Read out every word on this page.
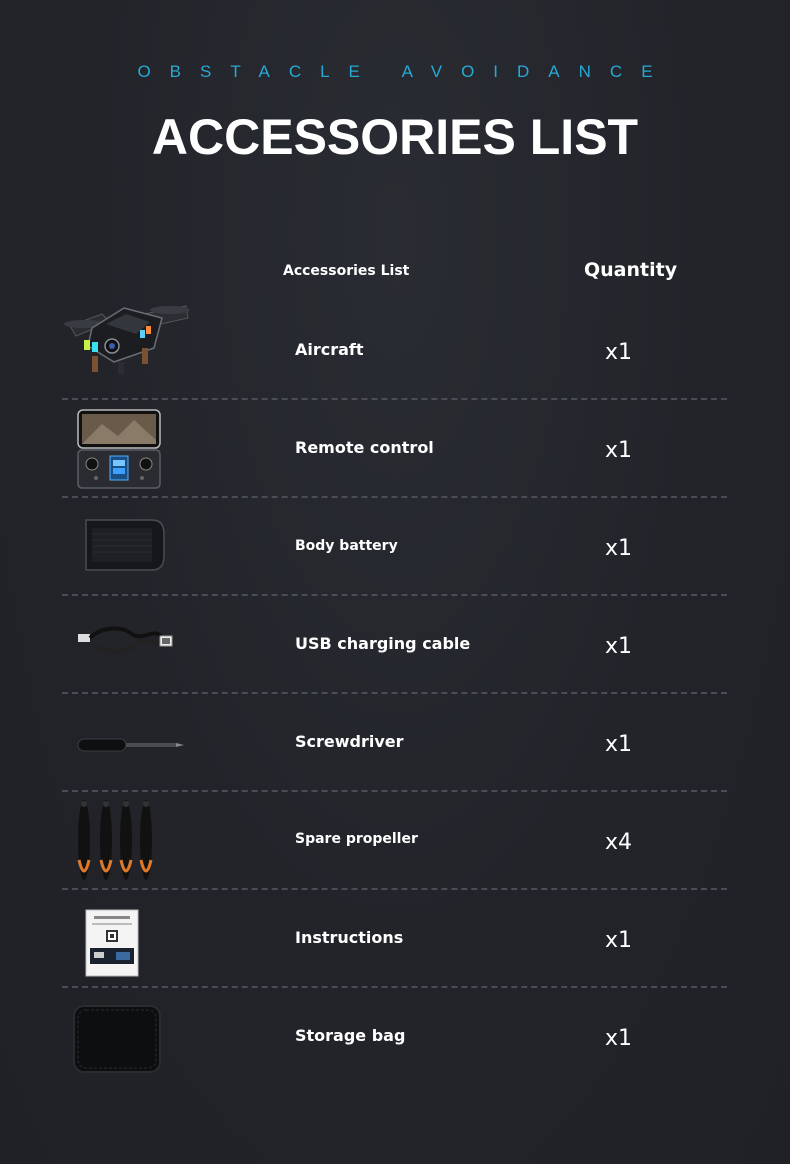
OBSTACLE AVOIDANCE
ACCESSORIES LIST
Accessories List	Quantity
Aircraft	x1
Remote control	x1
Body battery	x1
USB charging cable	x1
Screwdriver	x1
Spare propeller	x4
Instructions	x1
Storage bag	x1
